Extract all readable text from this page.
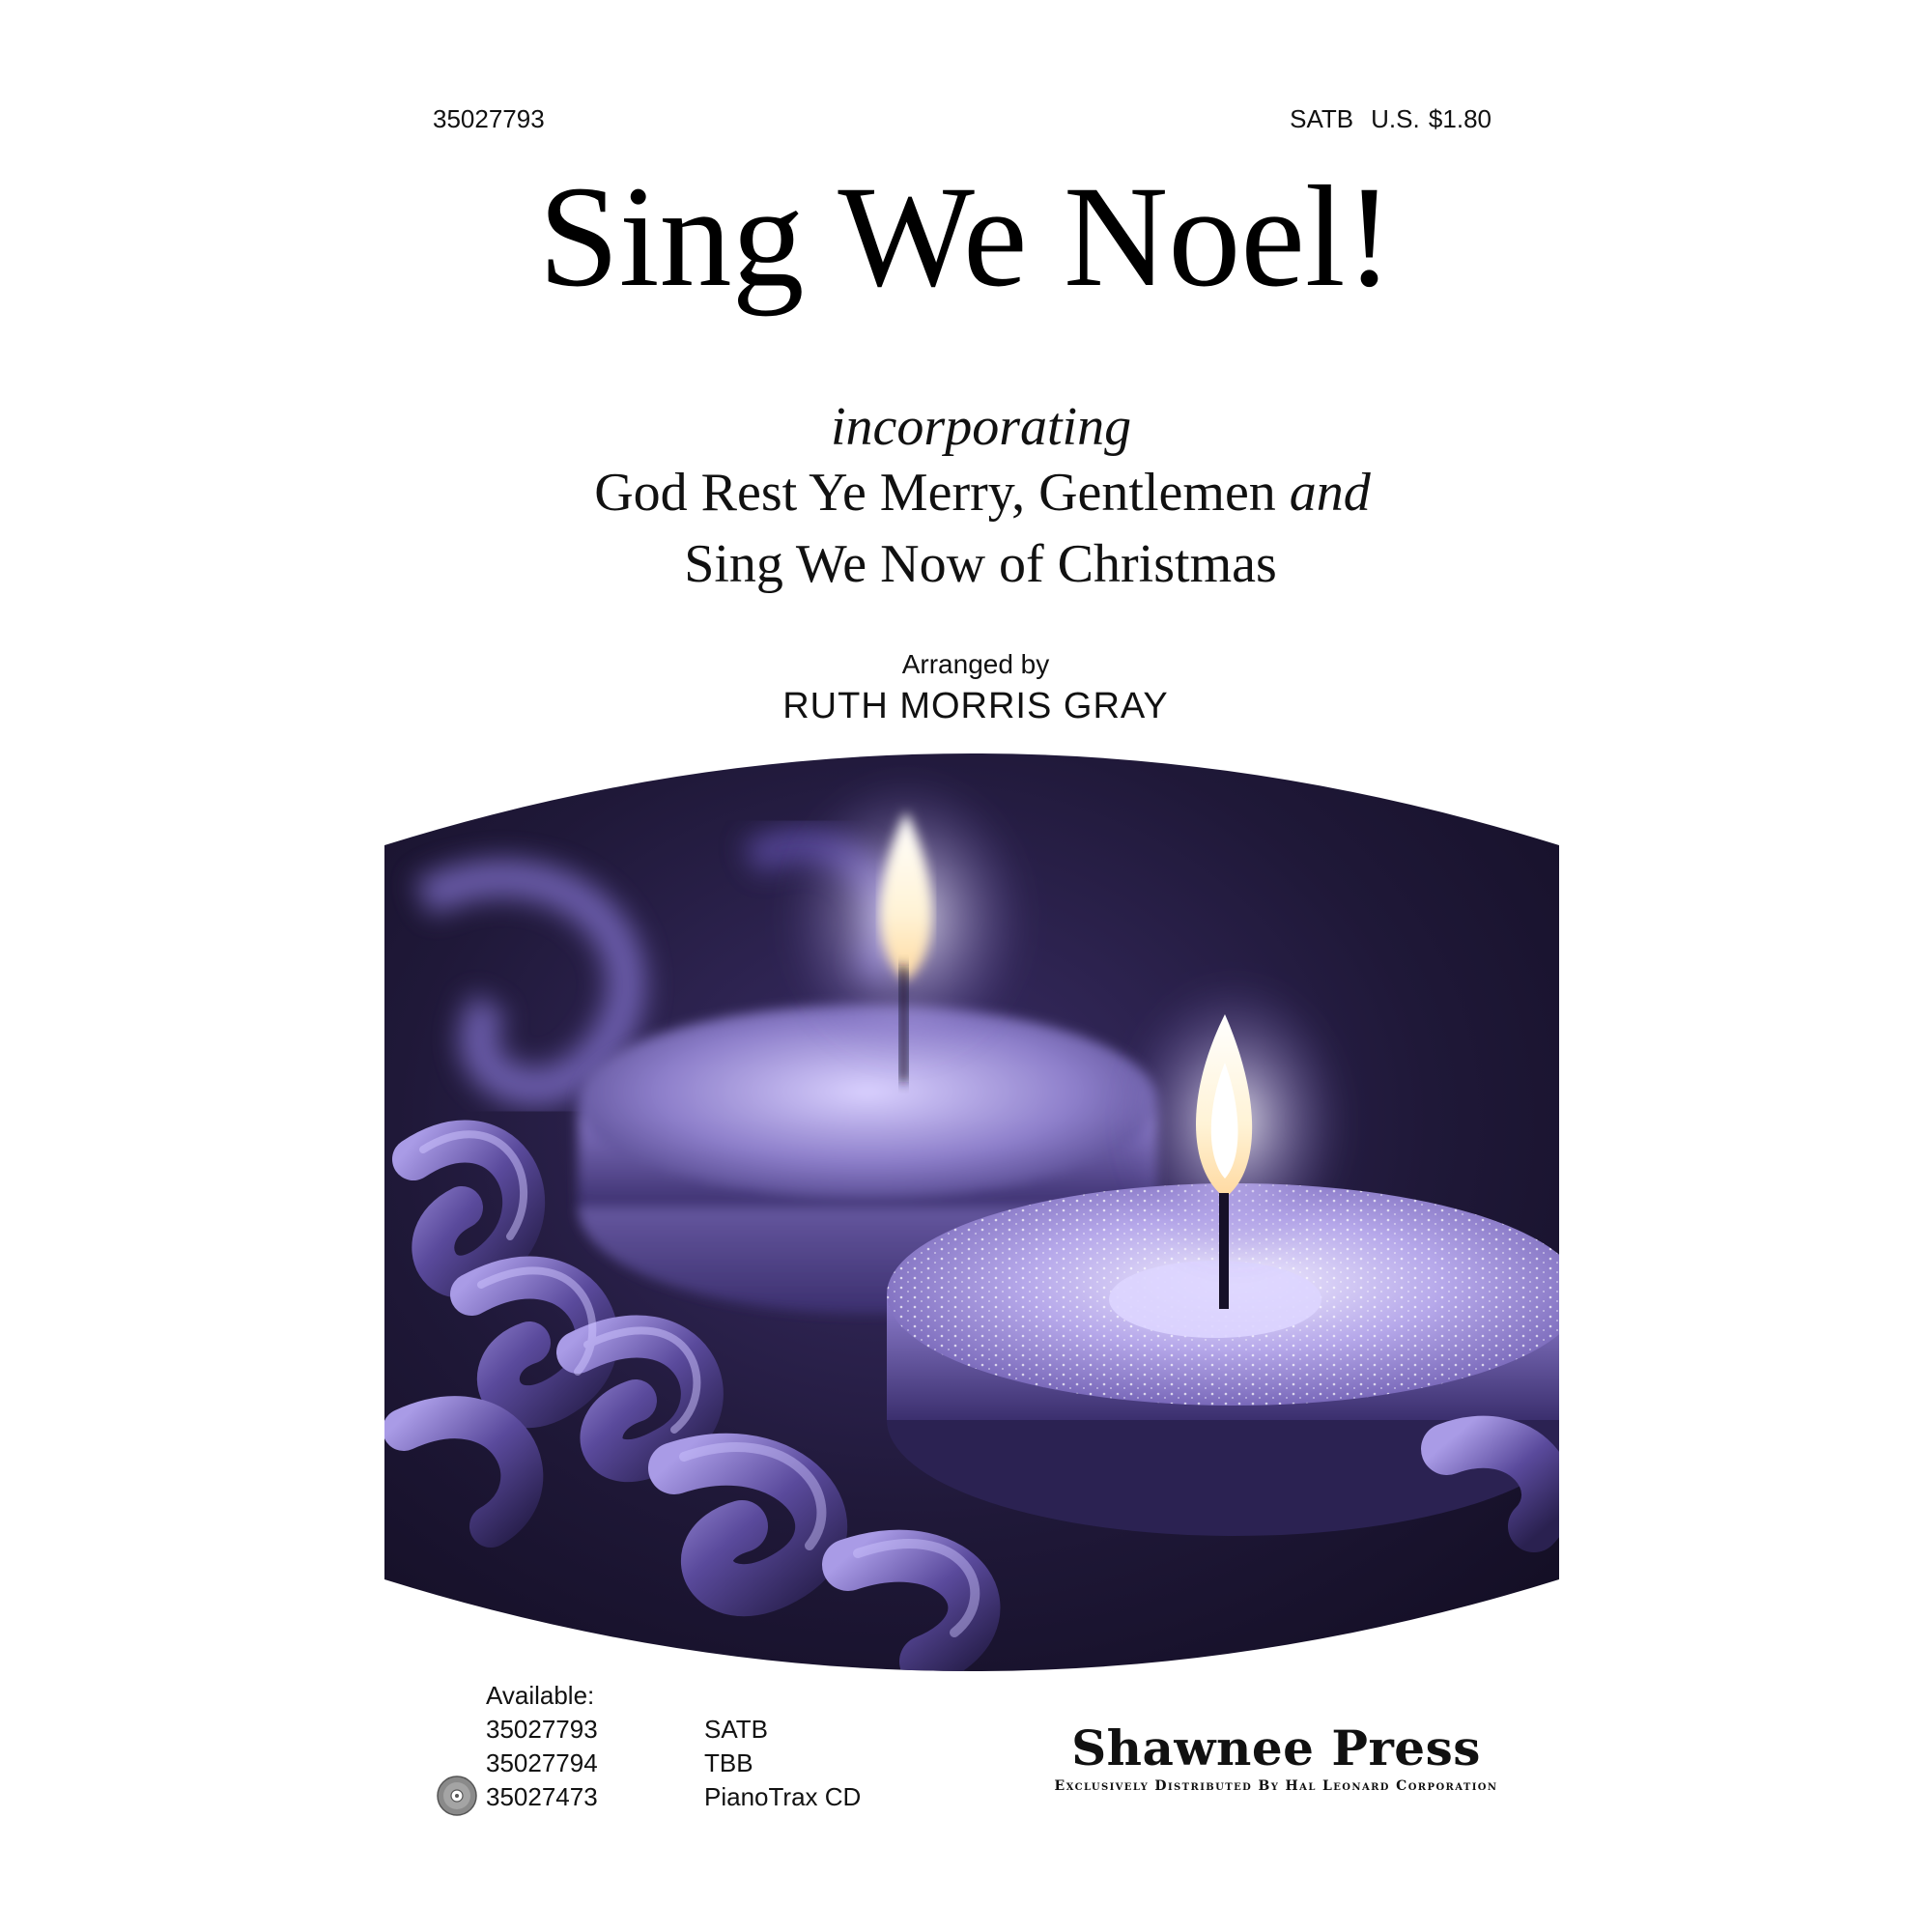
35027793	SATB U.S. $1.80
Sing We Noel!
incorporating
God Rest Ye Merry, Gentlemen and
Sing We Now of Christmas
Arranged by
RUTH MORRIS GRAY
Available:
35027793	SATB
35027794	TBB
35027473	PianoTrax CD
Shawnee Press
Exclusively Distributed By Hal Leonard Corporation
